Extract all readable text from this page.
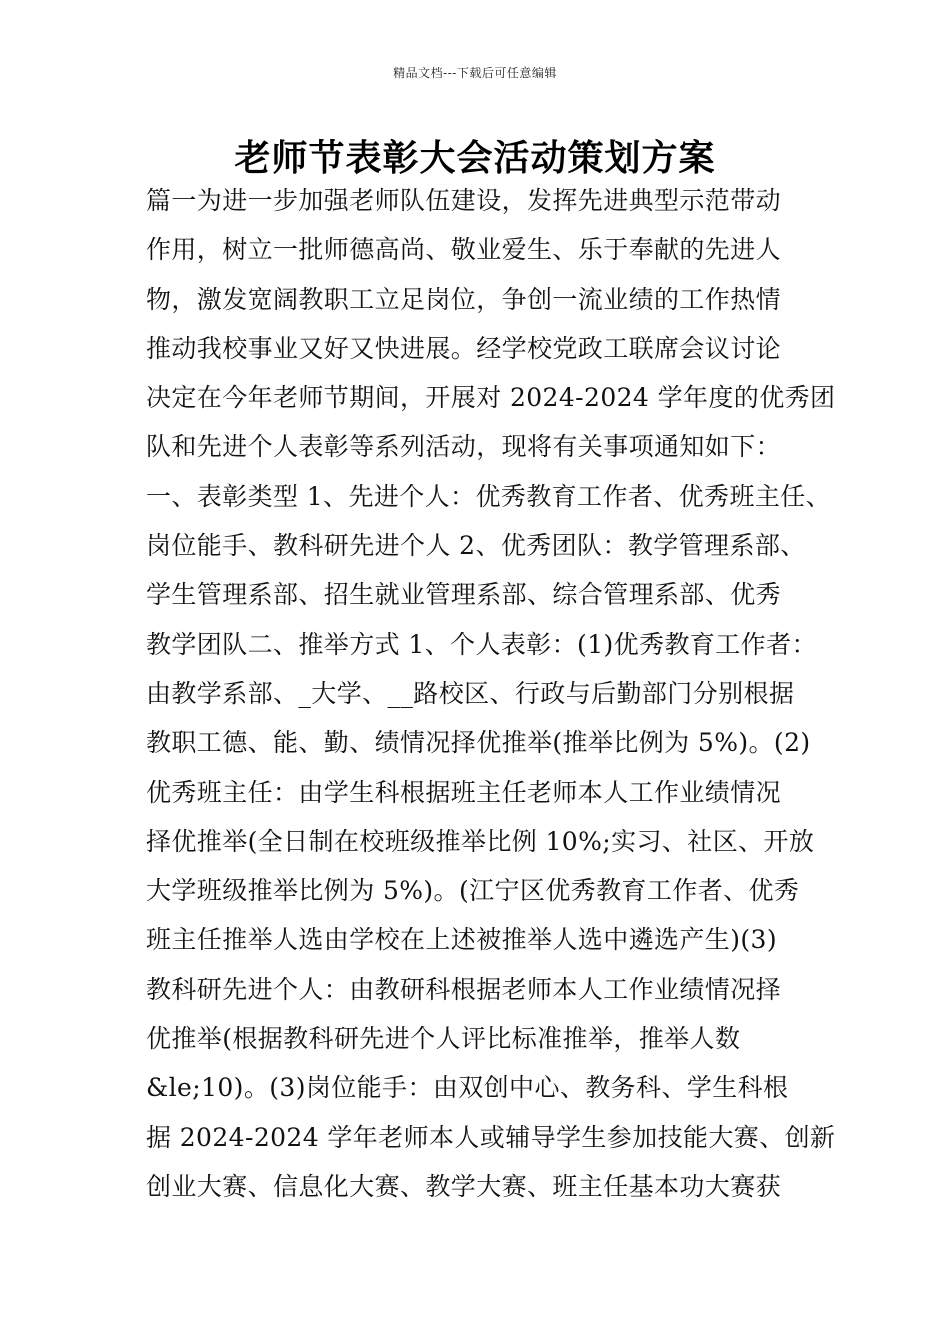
精品文档---下载后可任意编辑
老师节表彰大会活动策划方案
篇一为进一步加强老师队伍建设，发挥先进典型示范带动
作用，树立一批师德高尚、敬业爱生、乐于奉献的先进人
物，激发宽阔教职工立足岗位，争创一流业绩的工作热情
推动我校事业又好又快进展。经学校党政工联席会议讨论
决定在今年老师节期间，开展对 2024-2024 学年度的优秀团
队和先进个人表彰等系列活动，现将有关事项通知如下：
一、表彰类型 1、先进个人：优秀教育工作者、优秀班主任、
岗位能手、教科研先进个人 2、优秀团队：教学管理系部、
学生管理系部、招生就业管理系部、综合管理系部、优秀
教学团队二、推举方式 1、个人表彰：(1)优秀教育工作者：
由教学系部、_大学、__路校区、行政与后勤部门分别根据
教职工德、能、勤、绩情况择优推举(推举比例为 5%)。(2)
优秀班主任：由学生科根据班主任老师本人工作业绩情况
择优推举(全日制在校班级推举比例 10%;实习、社区、开放
大学班级推举比例为 5%)。(江宁区优秀教育工作者、优秀
班主任推举人选由学校在上述被推举人选中遴选产生)(3)
教科研先进个人：由教研科根据老师本人工作业绩情况择
优推举(根据教科研先进个人评比标准推举，推举人数
&le;10)。(3)岗位能手：由双创中心、教务科、学生科根
据 2024-2024 学年老师本人或辅导学生参加技能大赛、创新
创业大赛、信息化大赛、教学大赛、班主任基本功大赛获
